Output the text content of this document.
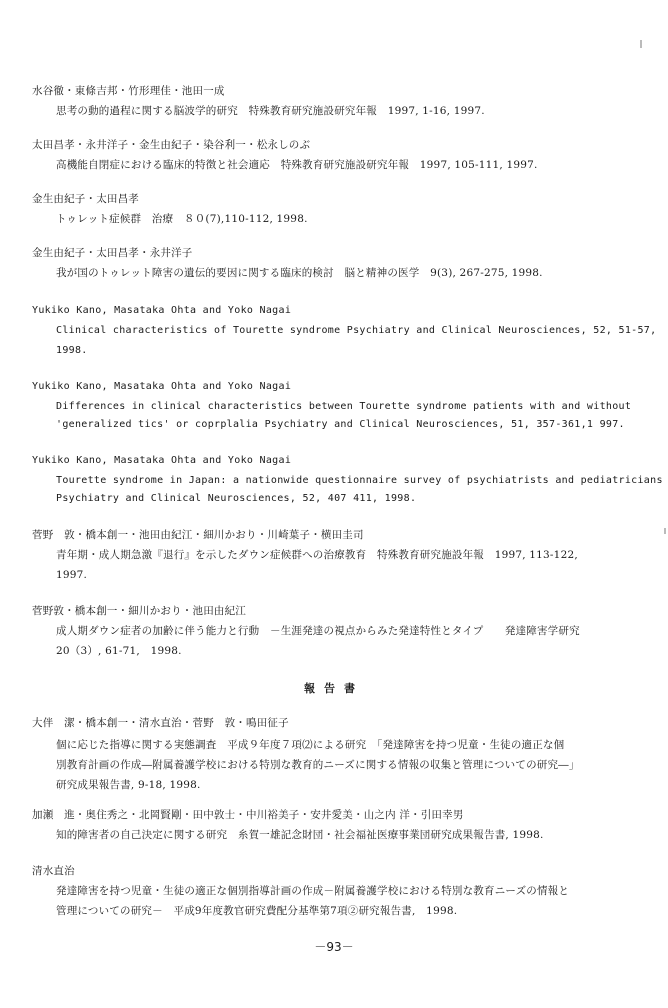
水谷徹・東條吉邦・竹形理佳・池田一成
思考の動的過程に関する脳波学的研究　特殊教育研究施設研究年報　1997, 1-16, 1997.
太田昌孝・永井洋子・金生由紀子・染谷利一・松永しのぶ
高機能自閉症における臨床的特徴と社会適応　特殊教育研究施設研究年報　1997, 105-111, 1997.
金生由紀子・太田昌孝
トゥレット症候群　治療　８０(7),110-112, 1998.
金生由紀子・太田昌孝・永井洋子
我が国のトゥレット障害の遺伝的要因に関する臨床的検討　脳と精神の医学　9(3), 267-275, 1998.
Yukiko Kano, Masataka Ohta and Yoko Nagai
Clinical characteristics of Tourette syndrome Psychiatry and Clinical Neurosciences, 52, 51-57,
1998.
Yukiko Kano, Masataka Ohta and Yoko Nagai
Differences in clinical characteristics between Tourette syndrome patients with and without
'generalized tics' or coprplalia Psychiatry and Clinical Neurosciences, 51, 357-361,1 997.
Yukiko Kano, Masataka Ohta and Yoko Nagai
Tourette syndrome in Japan: a nationwide questionnaire survey of psychiatrists and pediatricians
Psychiatry and Clinical Neurosciences, 52, 407 411, 1998.
菅野　敦・橋本創一・池田由紀江・細川かおり・川崎葉子・横田圭司
青年期・成人期急激『退行』を示したダウン症候群への治療教育　特殊教育研究施設年報　1997, 113-122,
1997.
菅野敦・橋本創一・細川かおり・池田由紀江
成人期ダウン症者の加齢に伴う能力と行動　－生涯発達の視点からみた発達特性とタイプ　　発達障害学研究
20（3）, 61-71,　1998.
報告書
大伴　潔・橋本創一・清水直治・菅野　敦・鳴田征子
個に応じた指導に関する実態調査　平成９年度７項⑵による研究　「発達障害を持つ児童・生徒の適正な個
別教育計画の作成―附属養護学校における特別な教育的ニーズに関する情報の収集と管理についての研究―」
研究成果報告書, 9-18, 1998.
加瀬　進・奥住秀之・北岡賢剛・田中敦士・中川裕美子・安井愛美・山之内 洋・引田幸男
知的障害者の自己決定に関する研究　糸賀一雄記念財団・社会福祉医療事業団研究成果報告書, 1998.
清水直治
発達障害を持つ児童・生徒の適正な個別指導計画の作成－附属養護学校における特別な教育ニーズの情報と
管理についての研究－　平成9年度教官研究費配分基準第7項②研究報告書,　1998.
－93－
